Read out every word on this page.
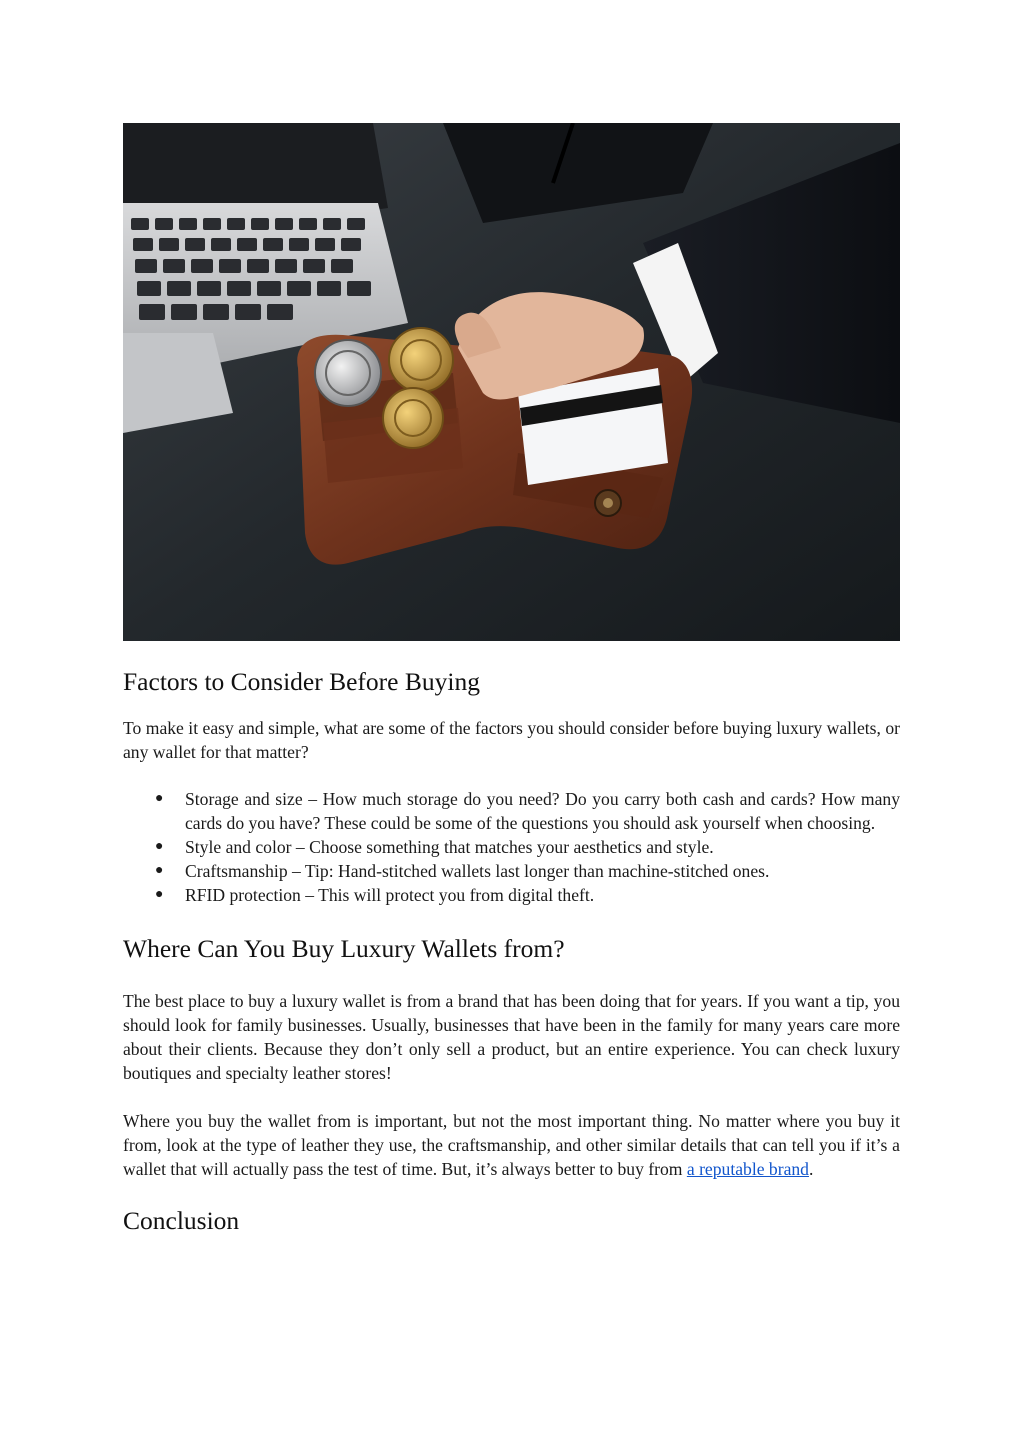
Factors to Consider Before Buying

To make it easy and simple, what are some of the factors you should consider before buying luxury wallets, or any wallet for that matter?

● Storage and size – How much storage do you need? Do you carry both cash and cards? How many cards do you have? These could be some of the questions you should ask yourself when choosing.
● Style and color – Choose something that matches your aesthetics and style.
● Craftsmanship – Tip: Hand-stitched wallets last longer than machine-stitched ones.
● RFID protection – This will protect you from digital theft.
Where Can You Buy Luxury Wallets from?

The best place to buy a luxury wallet is from a brand that has been doing that for years. If you want a tip, you should look for family businesses. Usually, businesses that have been in the family for many years care more about their clients. Because they don’t only sell a product, but an entire experience. You can check luxury boutiques and specialty leather stores!

Where you buy the wallet from is important, but not the most important thing. No matter where you buy it from, look at the type of leather they use, the craftsmanship, and other similar details that can tell you if it’s a wallet that will actually pass the test of time. But, it’s always better to buy from a reputable brand.

Conclusion
